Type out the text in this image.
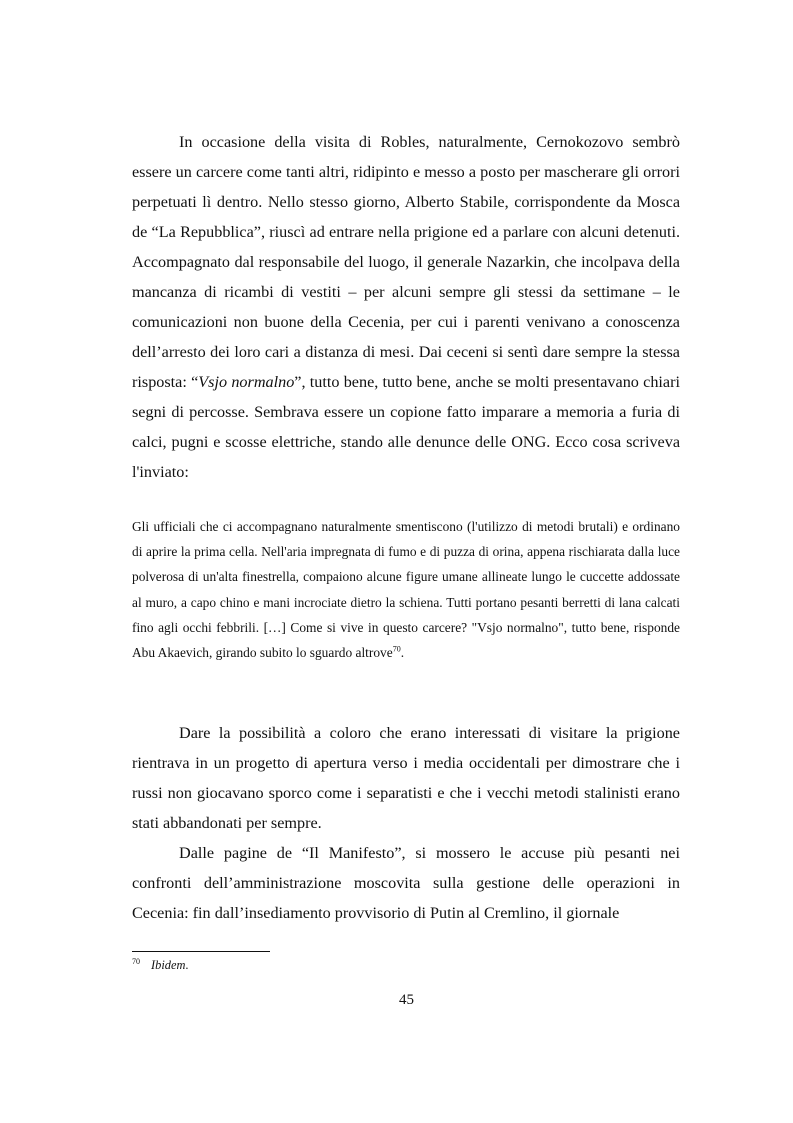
In occasione della visita di Robles, naturalmente, Cernokozovo sembrò essere un carcere come tanti altri, ridipinto e messo a posto per mascherare gli orrori perpetuati lì dentro. Nello stesso giorno, Alberto Stabile, corrispondente da Mosca de “La Repubblica”, riuscì ad entrare nella prigione ed a parlare con alcuni detenuti. Accompagnato dal responsabile del luogo, il generale Nazarkin, che incolpava della mancanza di ricambi di vestiti – per alcuni sempre gli stessi da settimane – le comunicazioni non buone della Cecenia, per cui i parenti venivano a conoscenza dell’arresto dei loro cari a distanza di mesi. Dai ceceni si sentì dare sempre la stessa risposta: “Vsjo normalno”, tutto bene, tutto bene, anche se molti presentavano chiari segni di percosse. Sembrava essere un copione fatto imparare a memoria a furia di calci, pugni e scosse elettriche, stando alle denunce delle ONG. Ecco cosa scriveva l'inviato:

Gli ufficiali che ci accompagnano naturalmente smentiscono (l'utilizzo di metodi brutali) e ordinano di aprire la prima cella. Nell'aria impregnata di fumo e di puzza di orina, appena rischiarata dalla luce polverosa di un'alta finestrella, compaiono alcune figure umane allineate lungo le cuccette addossate al muro, a capo chino e mani incrociate dietro la schiena. Tutti portano pesanti berretti di lana calcati fino agli occhi febbrili. […] Come si vive in questo carcere? "Vsjo normalno", tutto bene, risponde Abu Akaevich, girando subito lo sguardo altrove$^{70}$.

Dare la possibilità a coloro che erano interessati di visitare la prigione rientrava in un progetto di apertura verso i media occidentali per dimostrare che i russi non giocavano sporco come i separatisti e che i vecchi metodi stalinisti erano stati abbandonati per sempre.

Dalle pagine de “Il Manifesto”, si mossero le accuse più pesanti nei confronti dell’amministrazione moscovita sulla gestione delle operazioni in Cecenia: fin dall’insediamento provvisorio di Putin al Cremlino, il giornale

$^{70}$ Ibidem.
45
